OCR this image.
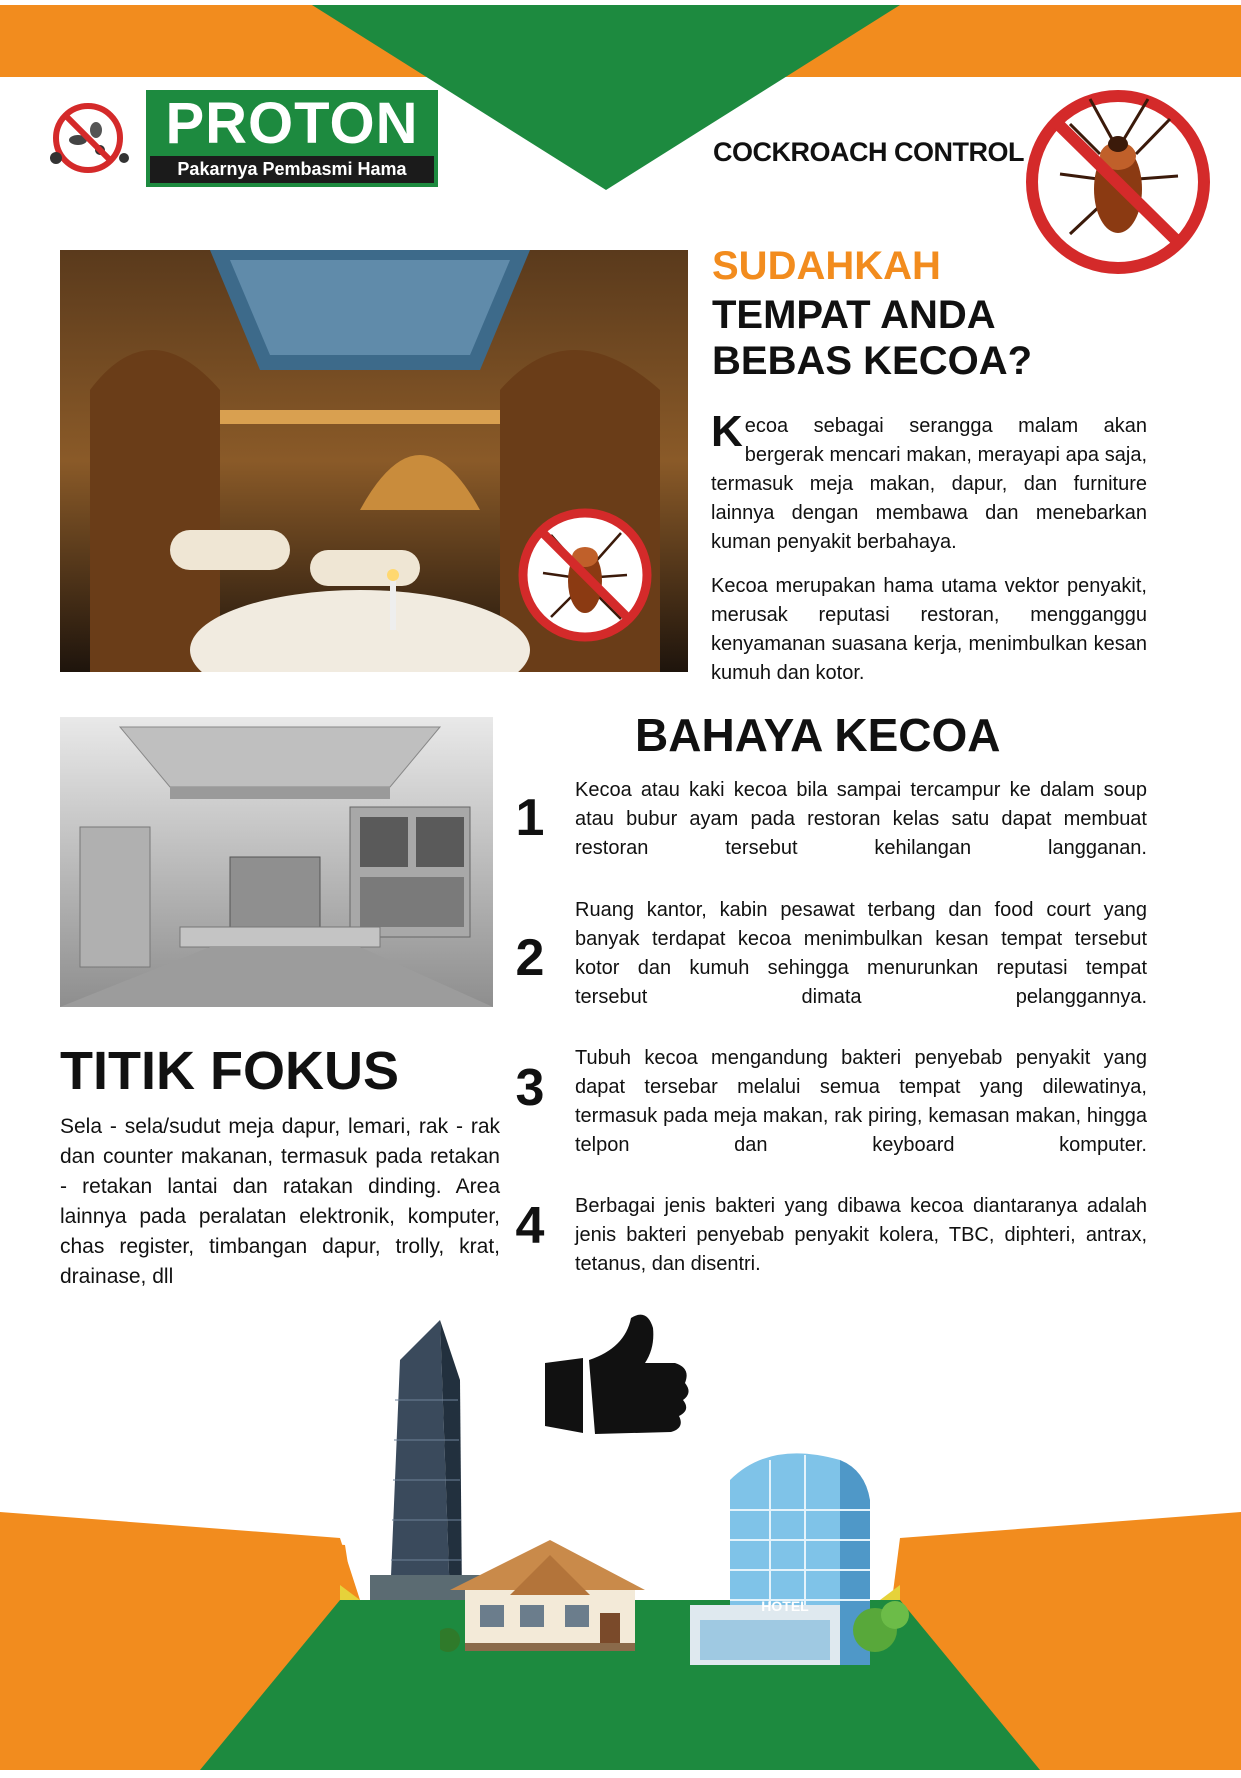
PROTON
Pakarnya Pembasmi Hama
COCKROACH CONTROL
SUDAHKAH
TEMPAT ANDA
BEBAS KECOA?
K ecoa sebagai serangga malam akan bergerak mencari makan, merayapi apa saja, termasuk meja makan, dapur, dan furniture lainnya dengan membawa dan menebarkan kuman penyakit berbahaya.
Kecoa merupakan hama utama vektor penyakit, merusak reputasi restoran, mengganggu kenyamanan suasana kerja, menimbulkan kesan kumuh dan kotor.
BAHAYA KECOA
1	Kecoa atau kaki kecoa bila sampai tercampur ke dalam soup atau bubur ayam pada restoran kelas satu dapat membuat restoran tersebut kehilangan langganan.
2
Ruang kantor, kabin pesawat terbang dan food court yang banyak terdapat kecoa menimbulkan kesan tempat tersebut kotor dan kumuh sehingga menurunkan reputasi tempat tersebut dimata pelanggannya.
3
Tubuh kecoa mengandung bakteri penyebab penyakit yang dapat tersebar melalui semua tempat yang dilewatinya, termasuk pada meja makan, rak piring, kemasan makan, hingga telpon dan keyboard komputer.
4	Berbagai jenis bakteri yang dibawa kecoa diantaranya adalah jenis bakteri penyebab penyakit kolera, TBC, diphteri, antrax, tetanus, dan disentri.
TITIK FOKUS
Sela - sela/sudut meja dapur, lemari, rak - rak dan counter makanan, termasuk pada retakan - retakan lantai dan ratakan dinding. Area lainnya pada peralatan elektronik, komputer, chas register, timbangan dapur, trolly, krat, drainase, dll
HOTEL
